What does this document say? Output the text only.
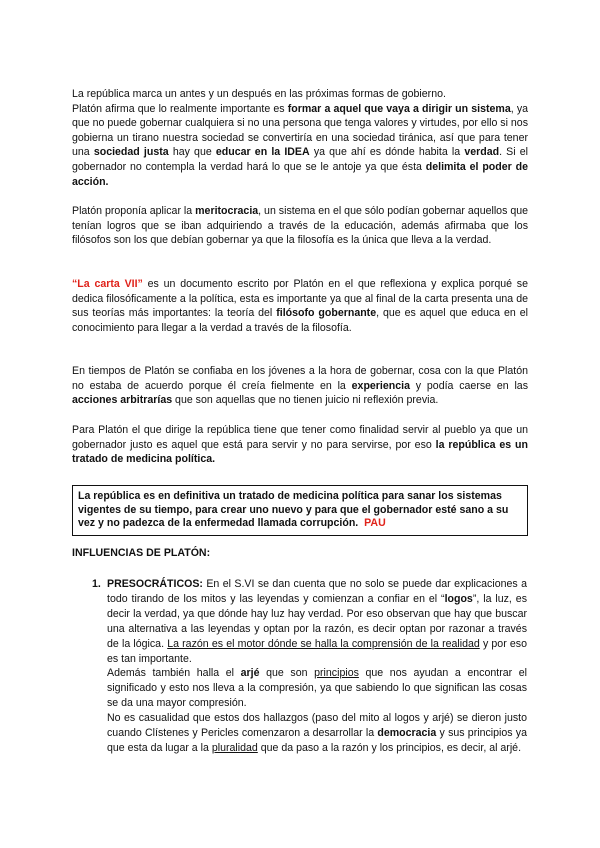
La república marca un antes y un después en las próximas formas de gobierno.
Platón afirma que lo realmente importante es formar a aquel que vaya a dirigir un sistema, ya que no puede gobernar cualquiera si no una persona que tenga valores y virtudes, por ello si nos gobierna un tirano nuestra sociedad se convertiría en una sociedad tiránica, así que para tener una sociedad justa hay que educar en la IDEA ya que ahí es dónde habita la verdad. Si el gobernador no contempla la verdad hará lo que se le antoje ya que ésta delimita el poder de acción.

Platón proponía aplicar la meritocracia, un sistema en el que sólo podían gobernar aquellos que tenían logros que se iban adquiriendo a través de la educación, además afirmaba que los filósofos son los que debían gobernar ya que la filosofía es la única que lleva a la verdad.

“La carta VII” es un documento escrito por Platón en el que reflexiona y explica porqué se dedica filosóficamente a la política, esta es importante ya que al final de la carta presenta una de sus teorías más importantes: la teoría del filósofo gobernante, que es aquel que educa en el conocimiento para llegar a la verdad a través de la filosofía.

En tiempos de Platón se confiaba en los jóvenes a la hora de gobernar, cosa con la que Platón no estaba de acuerdo porque él creía fielmente en la experiencia y podía caerse en las acciones arbitrarías que son aquellas que no tienen juicio ni reflexión previa.

Para Platón el que dirige la república tiene que tener como finalidad servir al pueblo ya que un gobernador justo es aquel que está para servir y no para servirse, por eso la república es un tratado de medicina política.

La república es en definitiva un tratado de medicina política para sanar los sistemas vigentes de su tiempo, para crear uno nuevo y para que el gobernador esté sano a su vez y no padezca de la enfermedad llamada corrupción. PAU

INFLUENCIAS DE PLATÓN:

1. PRESOCRÁTICOS: En el S.VI se dan cuenta que no solo se puede dar explicaciones a todo tirando de los mitos y las leyendas y comienzan a confiar en el “logos”, la luz, es decir la verdad, ya que dónde hay luz hay verdad. Por eso observan que hay que buscar una alternativa a las leyendas y optan por la razón, es decir optan por razonar a través de la lógica. La razón es el motor dónde se halla la comprensión de la realidad y por eso es tan importante.
Además también halla el arjé que son principios que nos ayudan a encontrar el significado y esto nos lleva a la compresión, ya que sabiendo lo que significan las cosas se da una mayor compresión.
No es casualidad que estos dos hallazgos (paso del mito al logos y arjé) se dieron justo cuando Clístenes y Pericles comenzaron a desarrollar la democracia y sus principios ya que esta da lugar a la pluralidad que da paso a la razón y los principios, es decir, al arjé.
